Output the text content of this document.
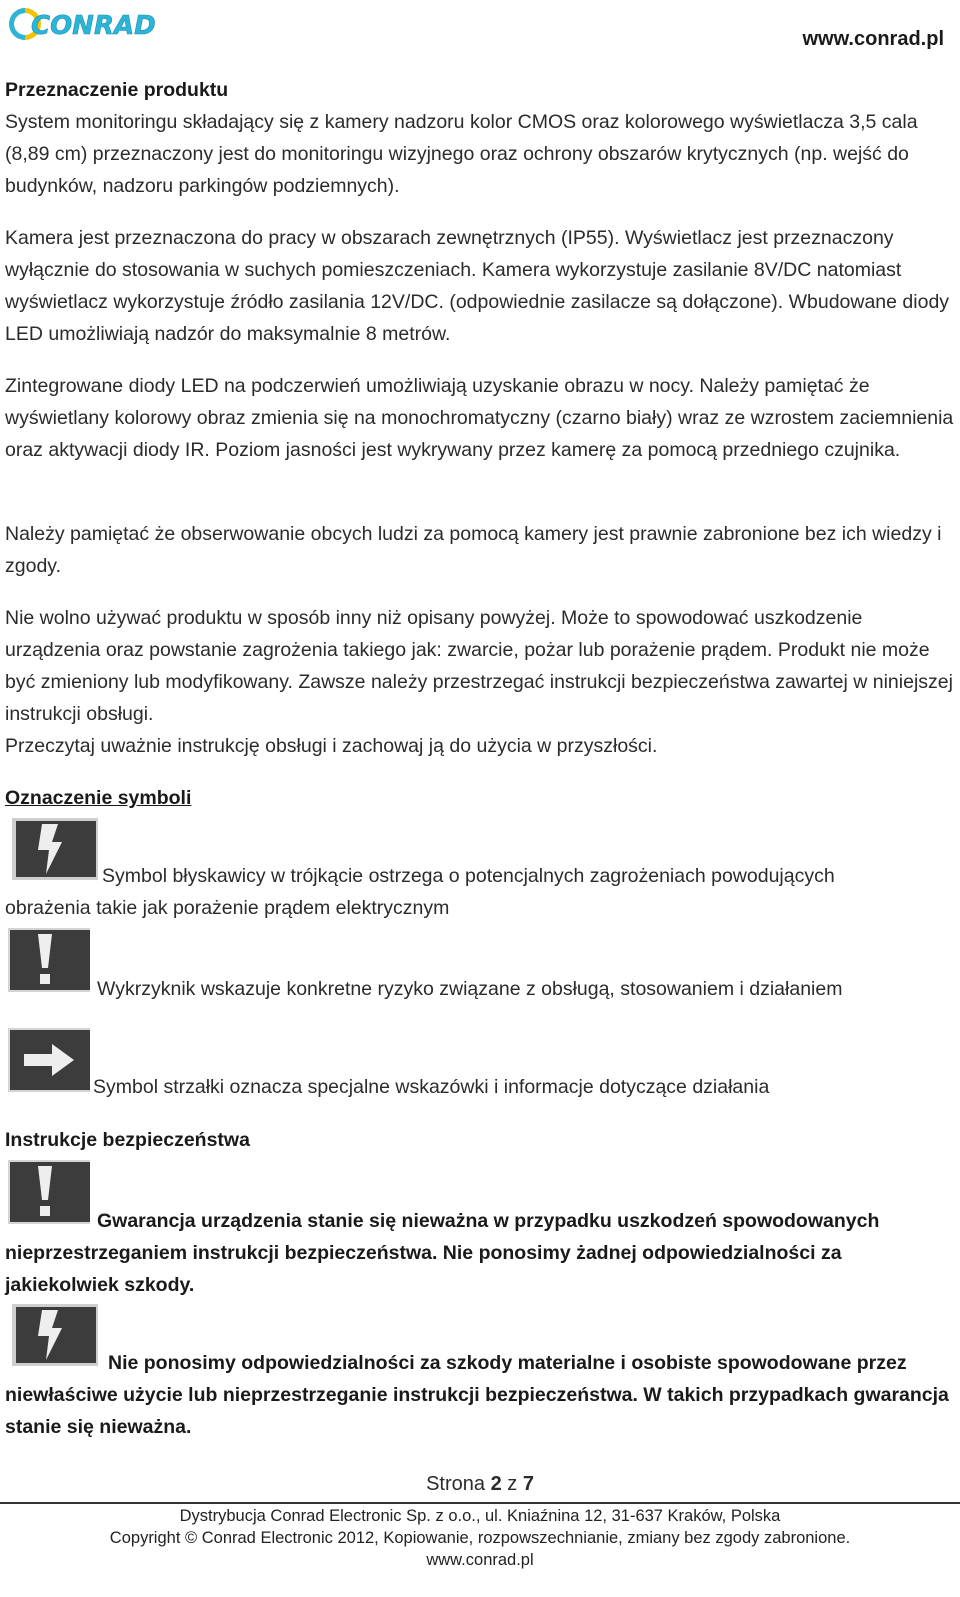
CONRAD	www.conrad.pl

Przeznaczenie produktu

System monitoringu składający się z kamery nadzoru kolor CMOS oraz kolorowego wyświetlacza 3,5 cala (8,89 cm) przeznaczony jest do monitoringu wizyjnego oraz ochrony obszarów krytycznych (np. wejść do budynków, nadzoru parkingów podziemnych).

Kamera jest przeznaczona do pracy w obszarach zewnętrznych (IP55). Wyświetlacz jest przeznaczony wyłącznie do stosowania w suchych pomieszczeniach. Kamera wykorzystuje zasilanie 8V/DC natomiast wyświetlacz wykorzystuje źródło zasilania 12V/DC. (odpowiednie zasilacze są dołączone). Wbudowane diody LED umożliwiają nadzór do maksymalnie 8 metrów.

Zintegrowane diody LED na podczerwień umożliwiają uzyskanie obrazu w nocy. Należy pamiętać że wyświetlany kolorowy obraz zmienia się na monochromatyczny (czarno biały) wraz ze wzrostem zaciemnienia oraz aktywacji diody IR. Poziom jasności jest wykrywany przez kamerę za pomocą przedniego czujnika.

Należy pamiętać że obserwowanie obcych ludzi za pomocą kamery jest prawnie zabronione bez ich wiedzy i zgody.

Nie wolno używać produktu w sposób inny niż opisany powyżej. Może to spowodować uszkodzenie urządzenia oraz powstanie zagrożenia takiego jak: zwarcie, pożar lub porażenie prądem. Produkt nie może być zmieniony lub modyfikowany. Zawsze należy przestrzegać instrukcji bezpieczeństwa zawartej w niniejszej instrukcji obsługi.

Przeczytaj uważnie instrukcję obsługi i zachowaj ją do użycia w przyszłości.

Oznaczenie symboli

Symbol błyskawicy w trójkącie ostrzega o potencjalnych zagrożeniach powodujących

obrażenia takie jak porażenie prądem elektrycznym

Wykrzyknik wskazuje konkretne ryzyko związane z obsługą, stosowaniem i działaniem
Symbol strzałki oznacza specjalne wskazówki i informacje dotyczące działania

Instrukcje bezpieczeństwa

Gwarancja urządzenia stanie się nieważna w przypadku uszkodzeń spowodowanych

nieprzestrzeganiem instrukcji bezpieczeństwa. Nie ponosimy żadnej odpowiedzialności za jakiekolwiek szkody.

Nie ponosimy odpowiedzialności za szkody materialne i osobiste spowodowane przez

niewłaściwe użycie lub nieprzestrzeganie instrukcji bezpieczeństwa. W takich przypadkach gwarancja stanie się nieważna.

Strona 2 z 7
Dystrybucja Conrad Electronic Sp. z o.o., ul. Kniaźnina 12, 31-637 Kraków, Polska
Copyright © Conrad Electronic 2012, Kopiowanie, rozpowszechnianie, zmiany bez zgody zabronione.
www.conrad.pl
